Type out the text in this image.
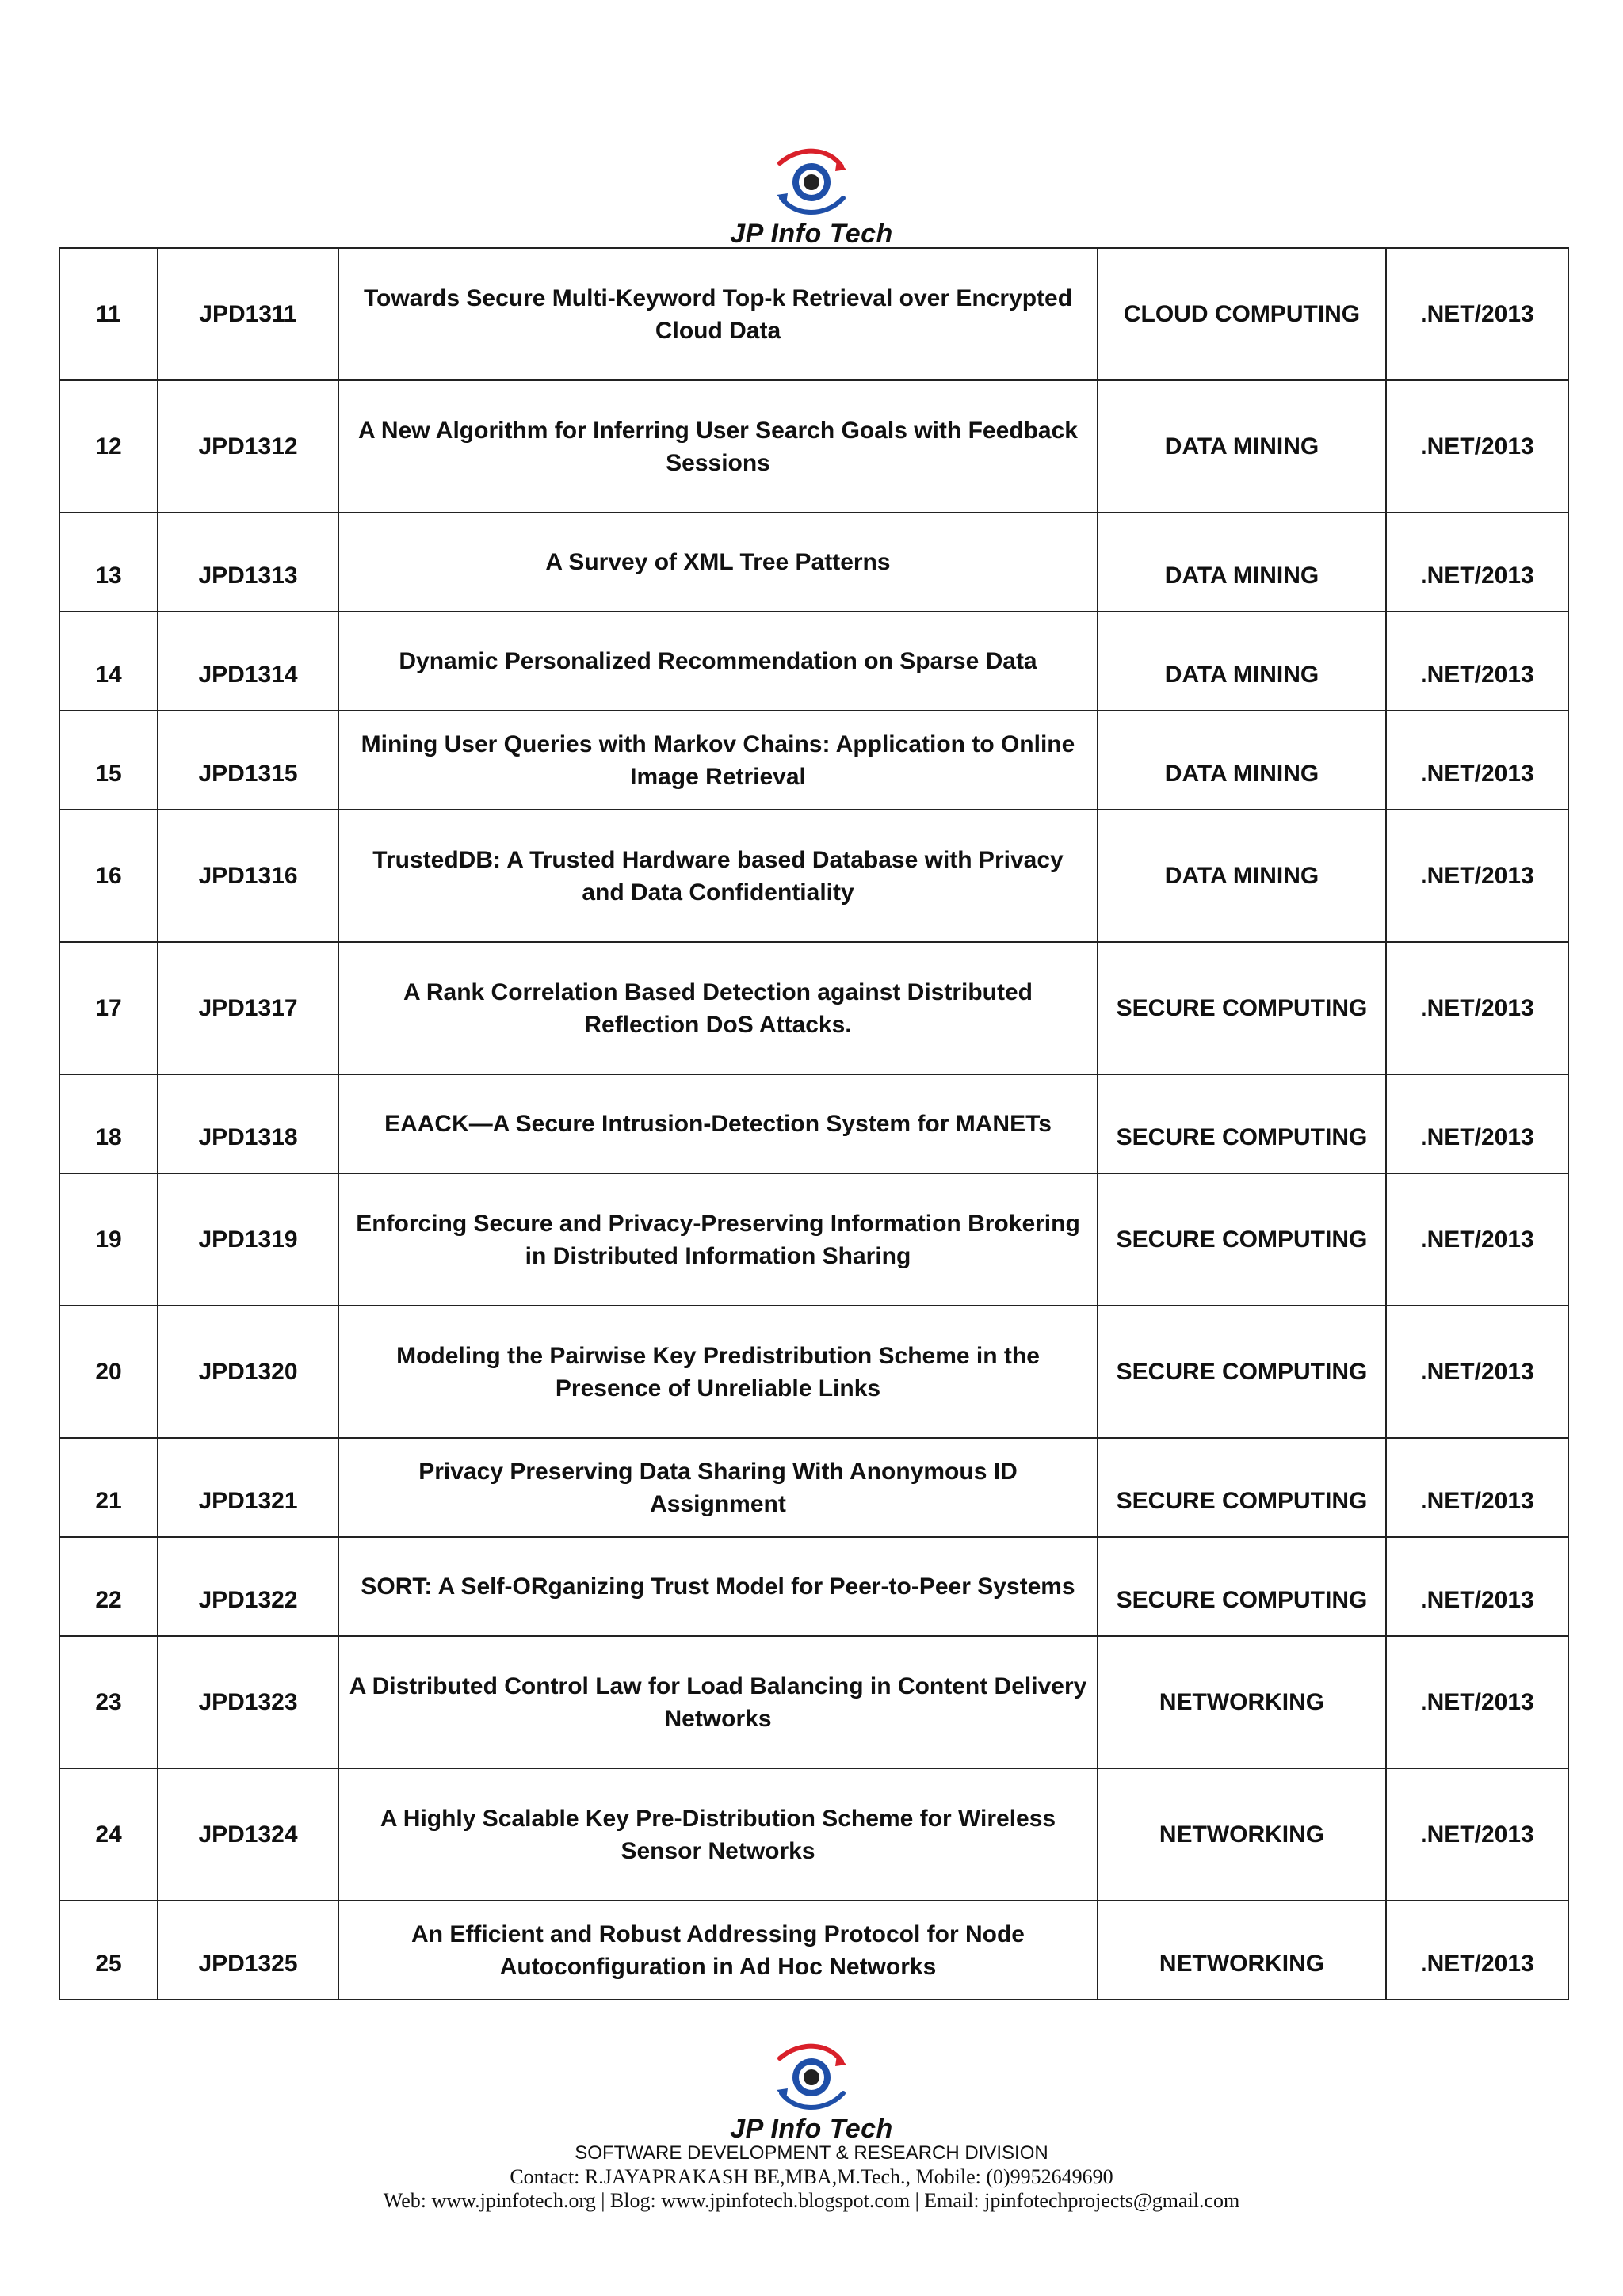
JP Info Tech
11	JPD1311	Towards Secure Multi-Keyword Top-k Retrieval over Encrypted Cloud Data	CLOUD COMPUTING	.NET/2013
12	JPD1312	A New Algorithm for Inferring User Search Goals with Feedback Sessions	DATA MINING	.NET/2013
13	JPD1313	A Survey of XML Tree Patterns	DATA MINING	.NET/2013
14	JPD1314	Dynamic Personalized Recommendation on Sparse Data	DATA MINING	.NET/2013
15	JPD1315	Mining User Queries with Markov Chains: Application to Online Image Retrieval	DATA MINING	.NET/2013
16	JPD1316	TrustedDB: A Trusted Hardware based Database with Privacy and Data Confidentiality	DATA MINING	.NET/2013
17	JPD1317	A Rank Correlation Based Detection against Distributed Reflection DoS Attacks.	SECURE COMPUTING	.NET/2013
18	JPD1318	EAACK—A Secure Intrusion-Detection System for MANETs	SECURE COMPUTING	.NET/2013
19	JPD1319	Enforcing Secure and Privacy-Preserving Information Brokering in Distributed Information Sharing	SECURE COMPUTING	.NET/2013
20	JPD1320	Modeling the Pairwise Key Predistribution Scheme in the Presence of Unreliable Links	SECURE COMPUTING	.NET/2013
21	JPD1321	Privacy Preserving Data Sharing With Anonymous ID Assignment	SECURE COMPUTING	.NET/2013
22	JPD1322	SORT: A Self-ORganizing Trust Model for Peer-to-Peer Systems	SECURE COMPUTING	.NET/2013
23	JPD1323	A Distributed Control Law for Load Balancing in Content Delivery Networks	NETWORKING	.NET/2013
24	JPD1324	A Highly Scalable Key Pre-Distribution Scheme for Wireless Sensor Networks	NETWORKING	.NET/2013
25	JPD1325	An Efficient and Robust Addressing Protocol for Node Autoconfiguration in Ad Hoc Networks	NETWORKING	.NET/2013
JP Info Tech
SOFTWARE DEVELOPMENT & RESEARCH DIVISION
Contact: R.JAYAPRAKASH BE,MBA,M.Tech., Mobile: (0)9952649690
Web: www.jpinfotech.org | Blog: www.jpinfotech.blogspot.com | Email: jpinfotechprojects@gmail.com
